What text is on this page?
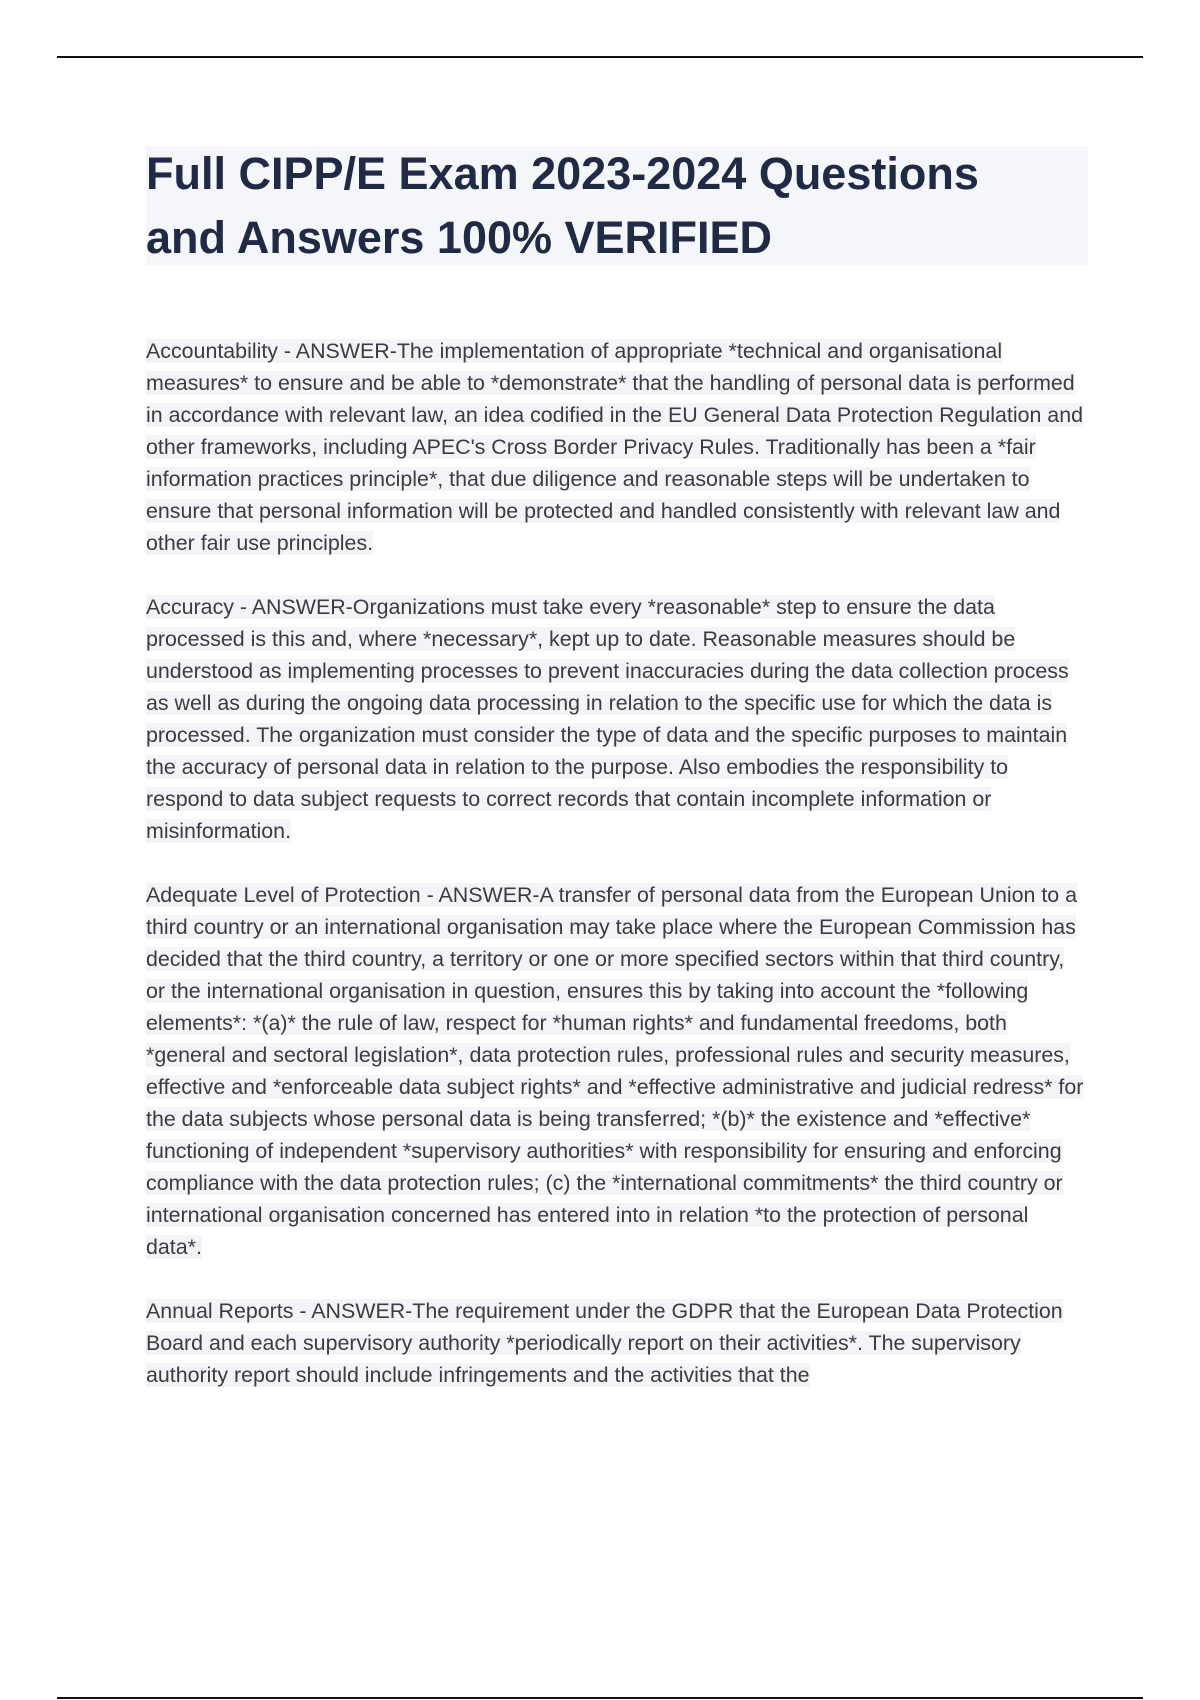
Full CIPP/E Exam 2023-2024 Questions
and Answers 100% VERIFIED

Accountability - ANSWER-The implementation of appropriate *technical and organisational measures* to ensure and be able to *demonstrate* that the handling of personal data is performed in accordance with relevant law, an idea codified in the EU General Data Protection Regulation and other frameworks, including APEC's Cross Border Privacy Rules. Traditionally has been a *fair information practices principle*, that due diligence and reasonable steps will be undertaken to ensure that personal information will be protected and handled consistently with relevant law and other fair use principles.

Accuracy - ANSWER-Organizations must take every *reasonable* step to ensure the data processed is this and, where *necessary*, kept up to date. Reasonable measures should be understood as implementing processes to prevent inaccuracies during the data collection process as well as during the ongoing data processing in relation to the specific use for which the data is processed. The organization must consider the type of data and the specific purposes to maintain the accuracy of personal data in relation to the purpose. Also embodies the responsibility to respond to data subject requests to correct records that contain incomplete information or misinformation.

Adequate Level of Protection - ANSWER-A transfer of personal data from the European Union to a third country or an international organisation may take place where the European Commission has decided that the third country, a territory or one or more specified sectors within that third country, or the international organisation in question, ensures this by taking into account the *following elements*: *(a)* the rule of law, respect for *human rights* and fundamental freedoms, both *general and sectoral legislation*, data protection rules, professional rules and security measures, effective and *enforceable data subject rights* and *effective administrative and judicial redress* for the data subjects whose personal data is being transferred; *(b)* the existence and *effective* functioning of independent *supervisory authorities* with responsibility for ensuring and enforcing compliance with the data protection rules; (c) the *international commitments* the third country or international organisation concerned has entered into in relation *to the protection of personal data*.

Annual Reports - ANSWER-The requirement under the GDPR that the European Data Protection Board and each supervisory authority *periodically report on their activities*. The supervisory authority report should include infringements and the activities that the
